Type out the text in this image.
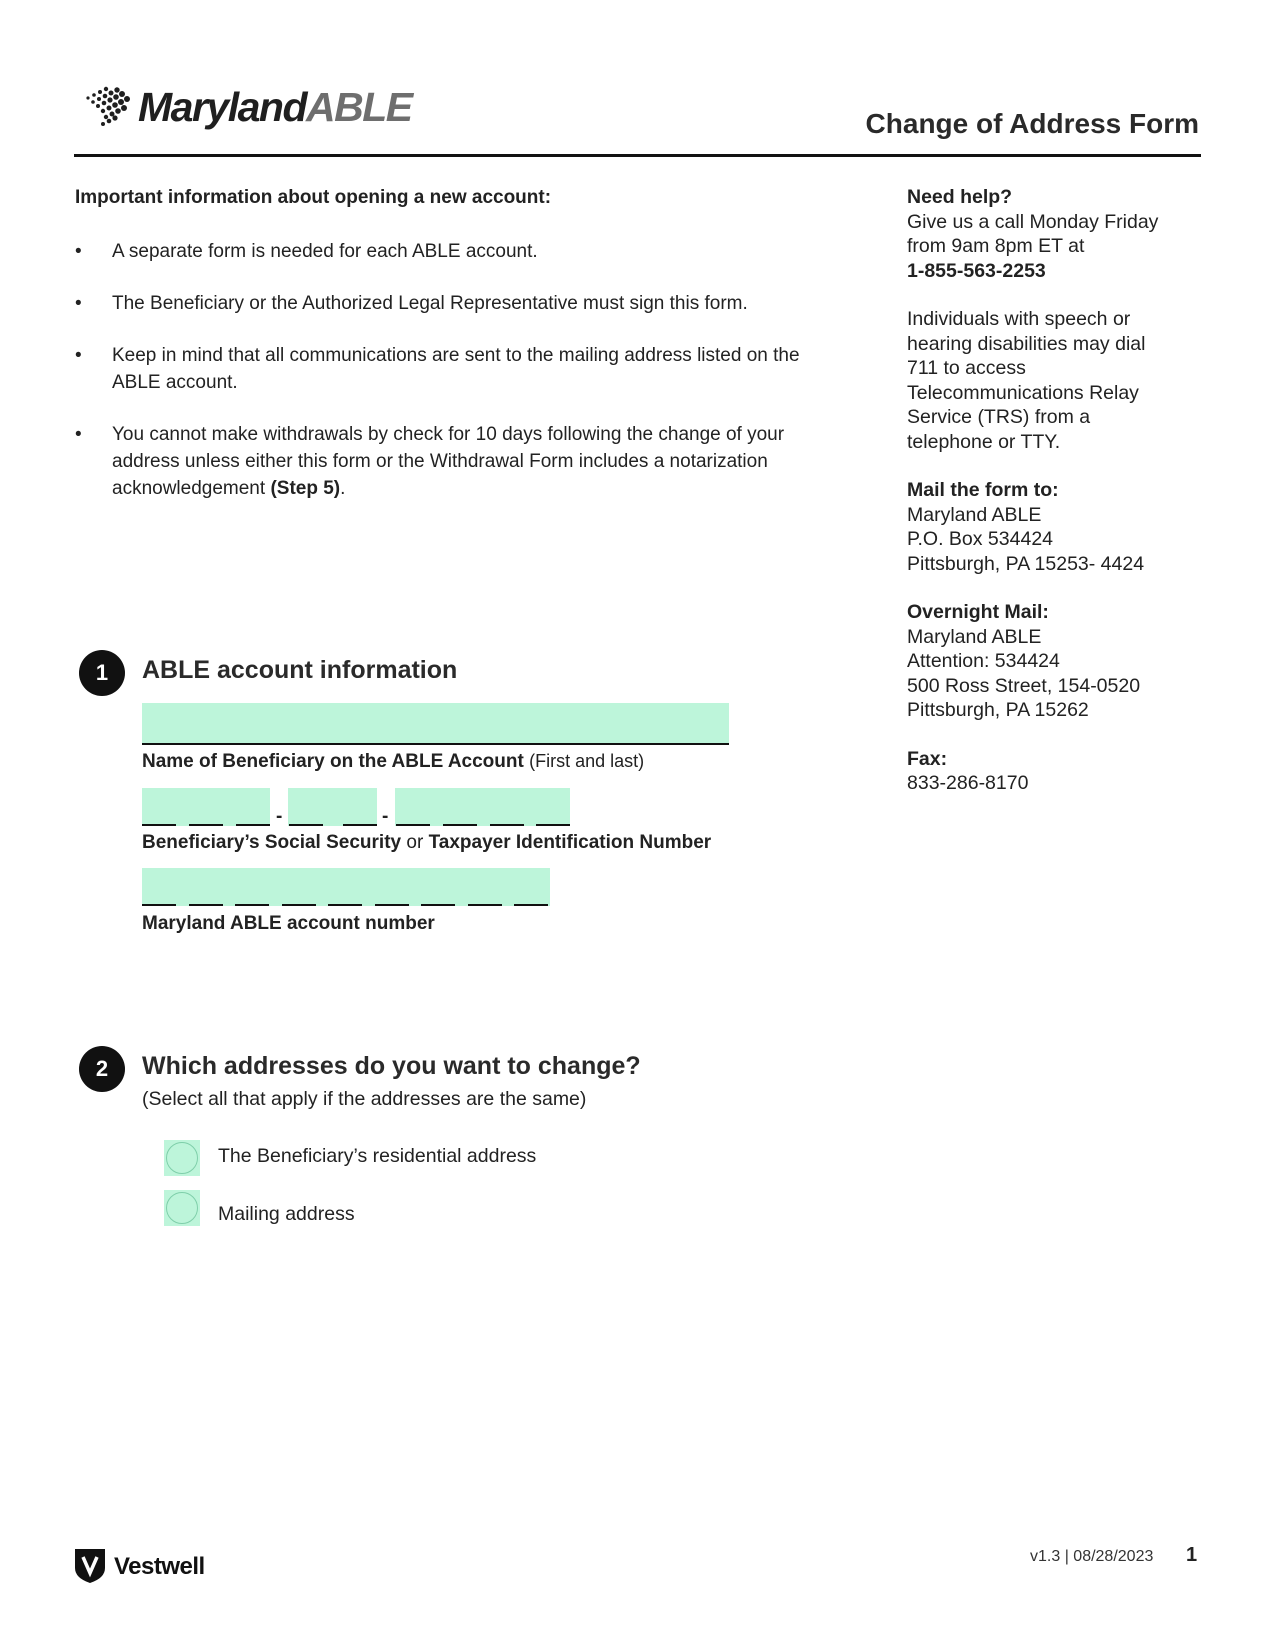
MarylandABLE	Change of Address Form
Important information about opening a new account:
• A separate form is needed for each ABLE account.
• The Beneficiary or the Authorized Legal Representative must sign this form.
• Keep in mind that all communications are sent to the mailing address listed on the ABLE account.
• You cannot make withdrawals by check for 10 days following the change of your address unless either this form or the Withdrawal Form includes a notarization acknowledgement (Step 5).
Need help?
Give us a call Monday Friday
from 9am 8pm ET at
1-855-563-2253
Individuals with speech or
hearing disabilities may dial
711 to access
Telecommunications Relay
Service (TRS) from a
telephone or TTY.
Mail the form to:
Maryland ABLE
P.O. Box 534424
Pittsburgh, PA 15253- 4424
Overnight Mail:
Maryland ABLE
Attention: 534424
500 Ross Street, 154-0520
Pittsburgh, PA 15262
Fax:
833-286-8170
1	ABLE account information
Name of Beneficiary on the ABLE Account (First and last)
-	-
Beneficiary’s Social Security or Taxpayer Identification Number
Maryland ABLE account number
2	Which addresses do you want to change?
(Select all that apply if the addresses are the same)
The Beneficiary’s residential address
Mailing address
Vestwell	v1.3 | 08/28/2023 1
